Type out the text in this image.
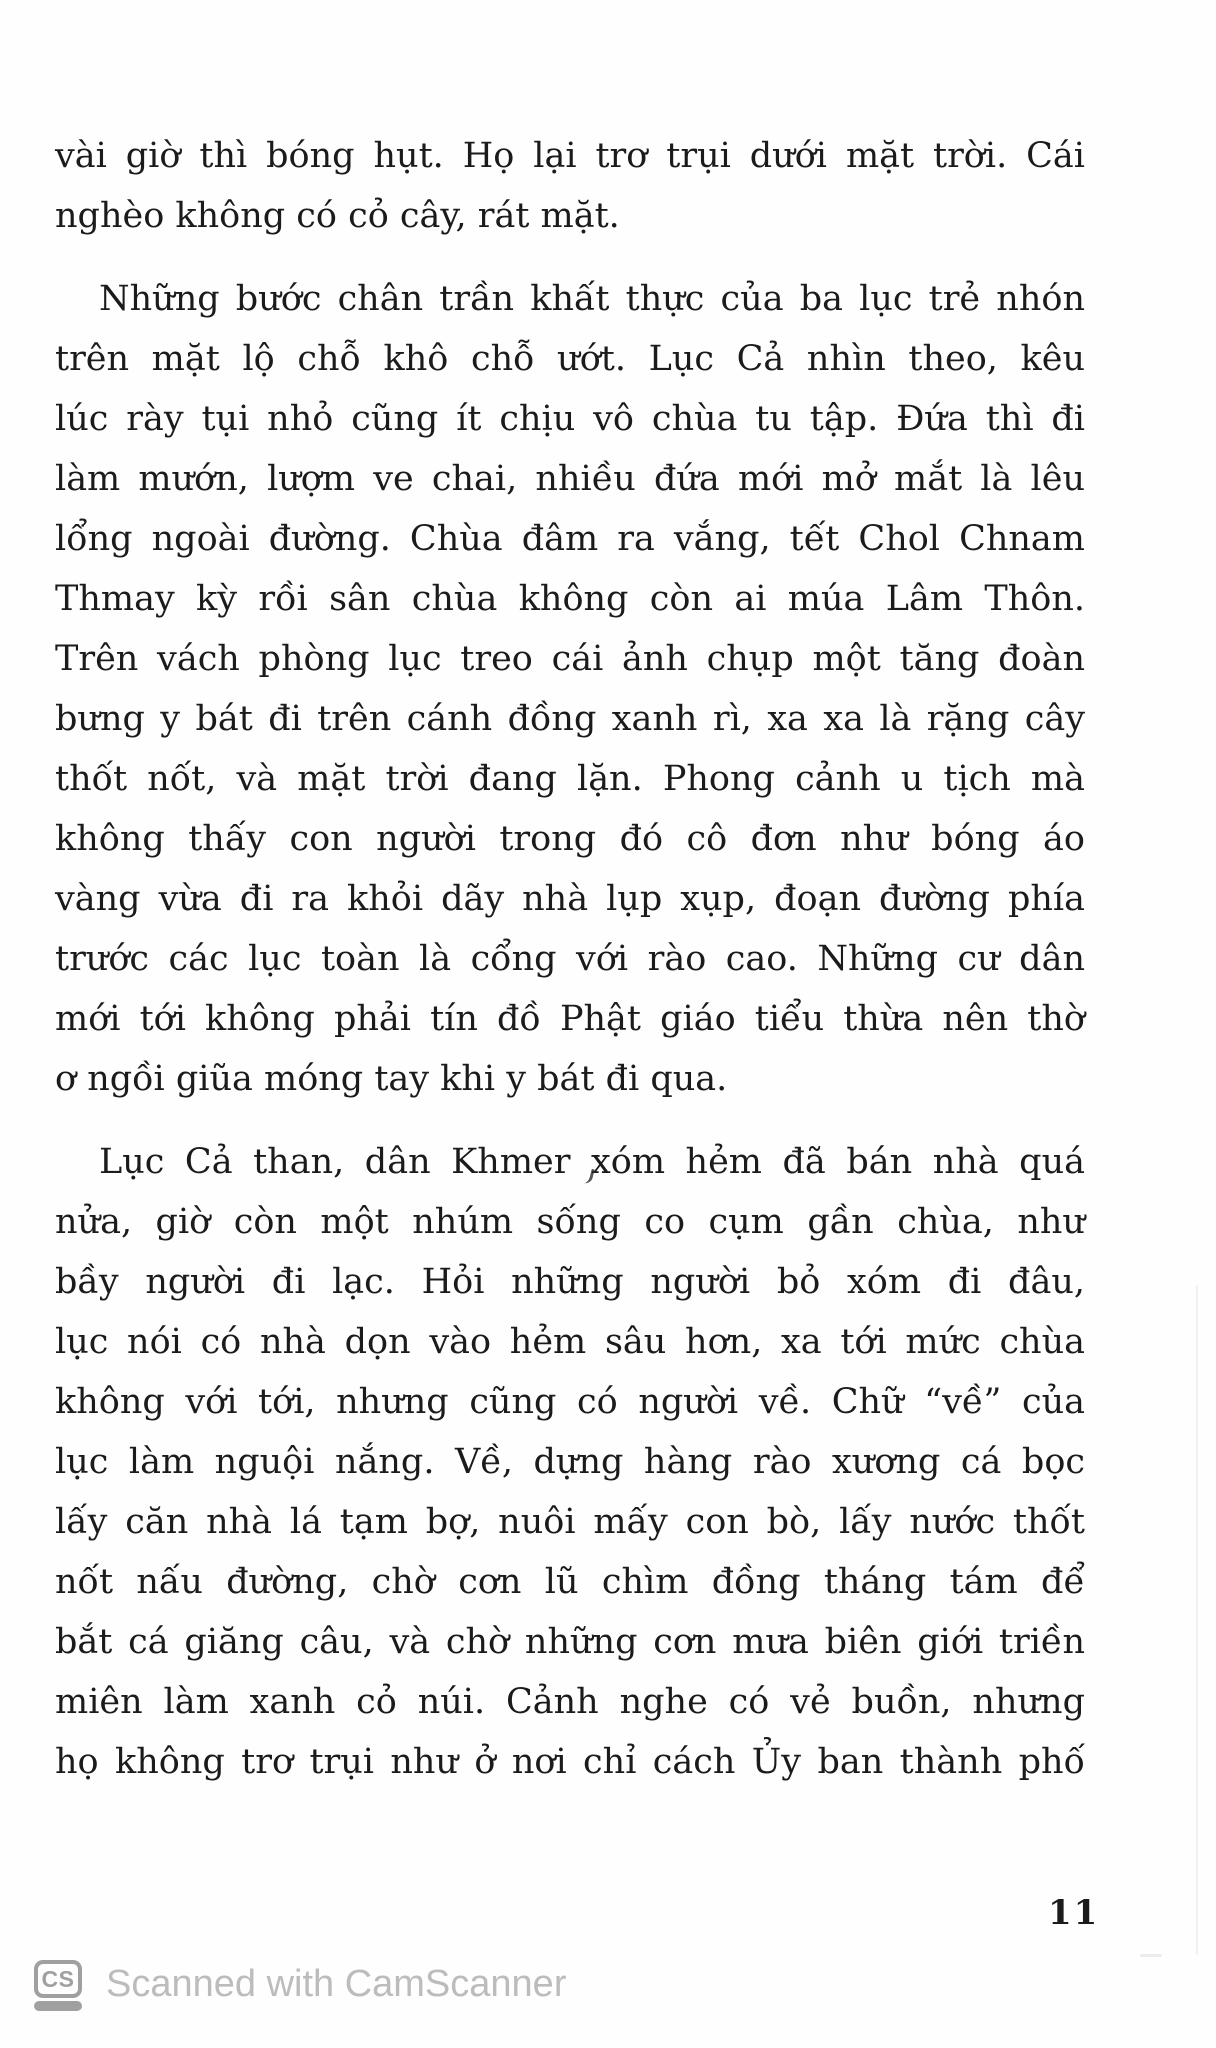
vài giờ thì bóng hụt. Họ lại trơ trụi dưới mặt trời. Cái
nghèo không có cỏ cây, rát mặt.
Những bước chân trần khất thực của ba lục trẻ nhón
trên mặt lộ chỗ khô chỗ ướt. Lục Cả nhìn theo, kêu
lúc rày tụi nhỏ cũng ít chịu vô chùa tu tập. Đứa thì đi
làm mướn, lượm ve chai, nhiều đứa mới mở mắt là lêu
lổng ngoài đường. Chùa đâm ra vắng, tết Chol Chnam
Thmay kỳ rồi sân chùa không còn ai múa Lâm Thôn.
Trên vách phòng lục treo cái ảnh chụp một tăng đoàn
bưng y bát đi trên cánh đồng xanh rì, xa xa là rặng cây
thốt nốt, và mặt trời đang lặn. Phong cảnh u tịch mà
không thấy con người trong đó cô đơn như bóng áo
vàng vừa đi ra khỏi dãy nhà lụp xụp, đoạn đường phía
trước các lục toàn là cổng với rào cao. Những cư dân
mới tới không phải tín đồ Phật giáo tiểu thừa nên thờ
ơ ngồi giũa móng tay khi y bát đi qua.
Lục Cả than, dân Khmer xóm hẻm đã bán nhà quá
nửa, giờ còn một nhúm sống co cụm gần chùa, như
bầy người đi lạc. Hỏi những người bỏ xóm đi đâu,
lục nói có nhà dọn vào hẻm sâu hơn, xa tới mức chùa
không với tới, nhưng cũng có người về. Chữ “về” của
lục làm nguội nắng. Về, dựng hàng rào xương cá bọc
lấy căn nhà lá tạm bợ, nuôi mấy con bò, lấy nước thốt
nốt nấu đường, chờ cơn lũ chìm đồng tháng tám để
bắt cá giăng câu, và chờ những cơn mưa biên giới triền
miên làm xanh cỏ núi. Cảnh nghe có vẻ buồn, nhưng
họ không trơ trụi như ở nơi chỉ cách Ủy ban thành phố
11
CS Scanned with CamScanner
